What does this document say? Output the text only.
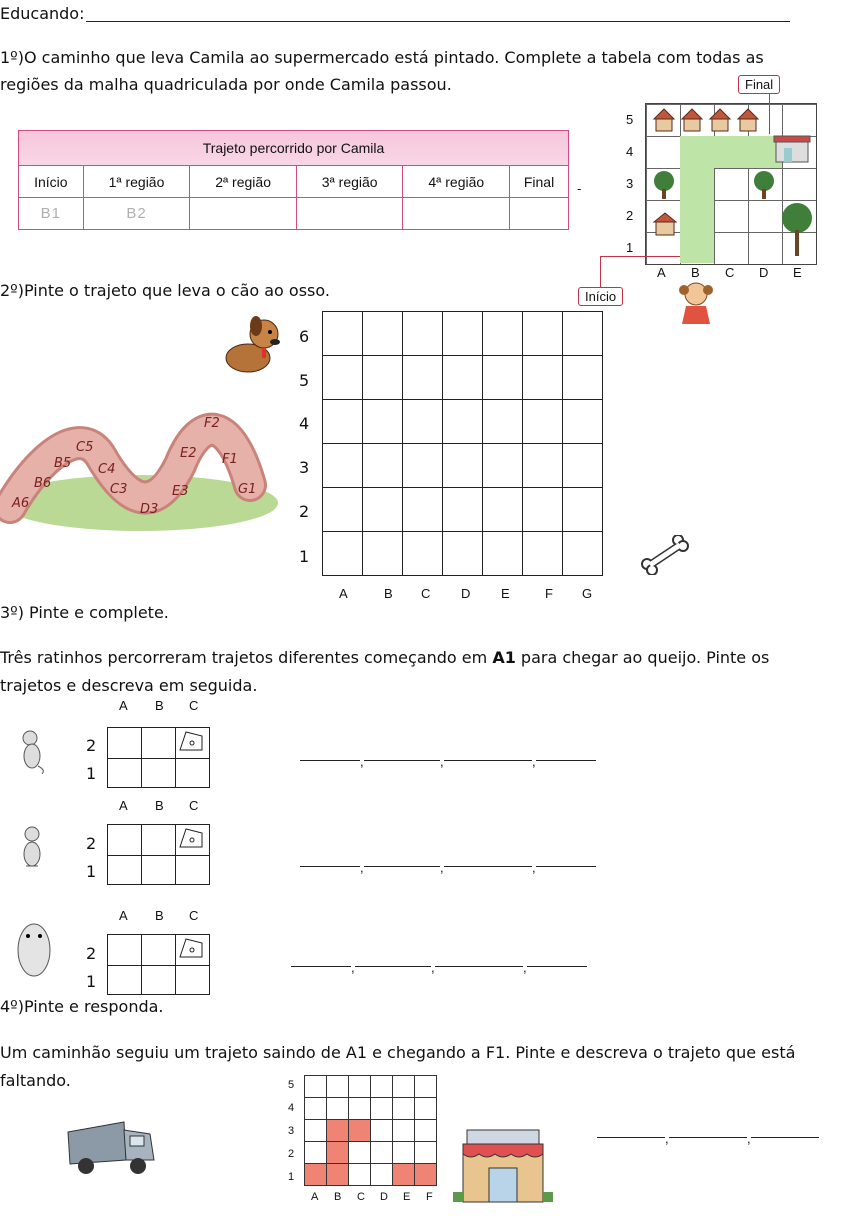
Educando:
1º)O caminho que leva Camila ao supermercado está pintado. Complete a tabela com todas as
regiões da malha quadriculada por onde Camila passou.
Trajeto percorrido por Camila					
Início	1ª região	2ª região	3ª região	4ª região	Final
B1	B2				
-
5
4
3
2
1
A B C D E
Final
Início
2º)Pinte o trajeto que leva o cão ao osso.
A6
B6
B5
C5
C4
C3
D3
E3
E2
F2
F1
G1

6
5
4
3
2
1
A	B C D E	F G
3º) Pinte e complete.
Três ratinhos percorreram trajetos diferentes começando em A1 para chegar ao queijo. Pinte os
trajetos e descreva em seguida.
A B C
2
1

,	,	,
A B C
2
1

			,	,	,
A B C
2
1

,	,	,
4º)Pinte e responda.
Um caminhão seguiu um trajeto saindo de A1 e chegando a F1. Pinte e descreva o trajeto que está
faltando.

						5
4
3
2
1
A B C D E F
,	,
